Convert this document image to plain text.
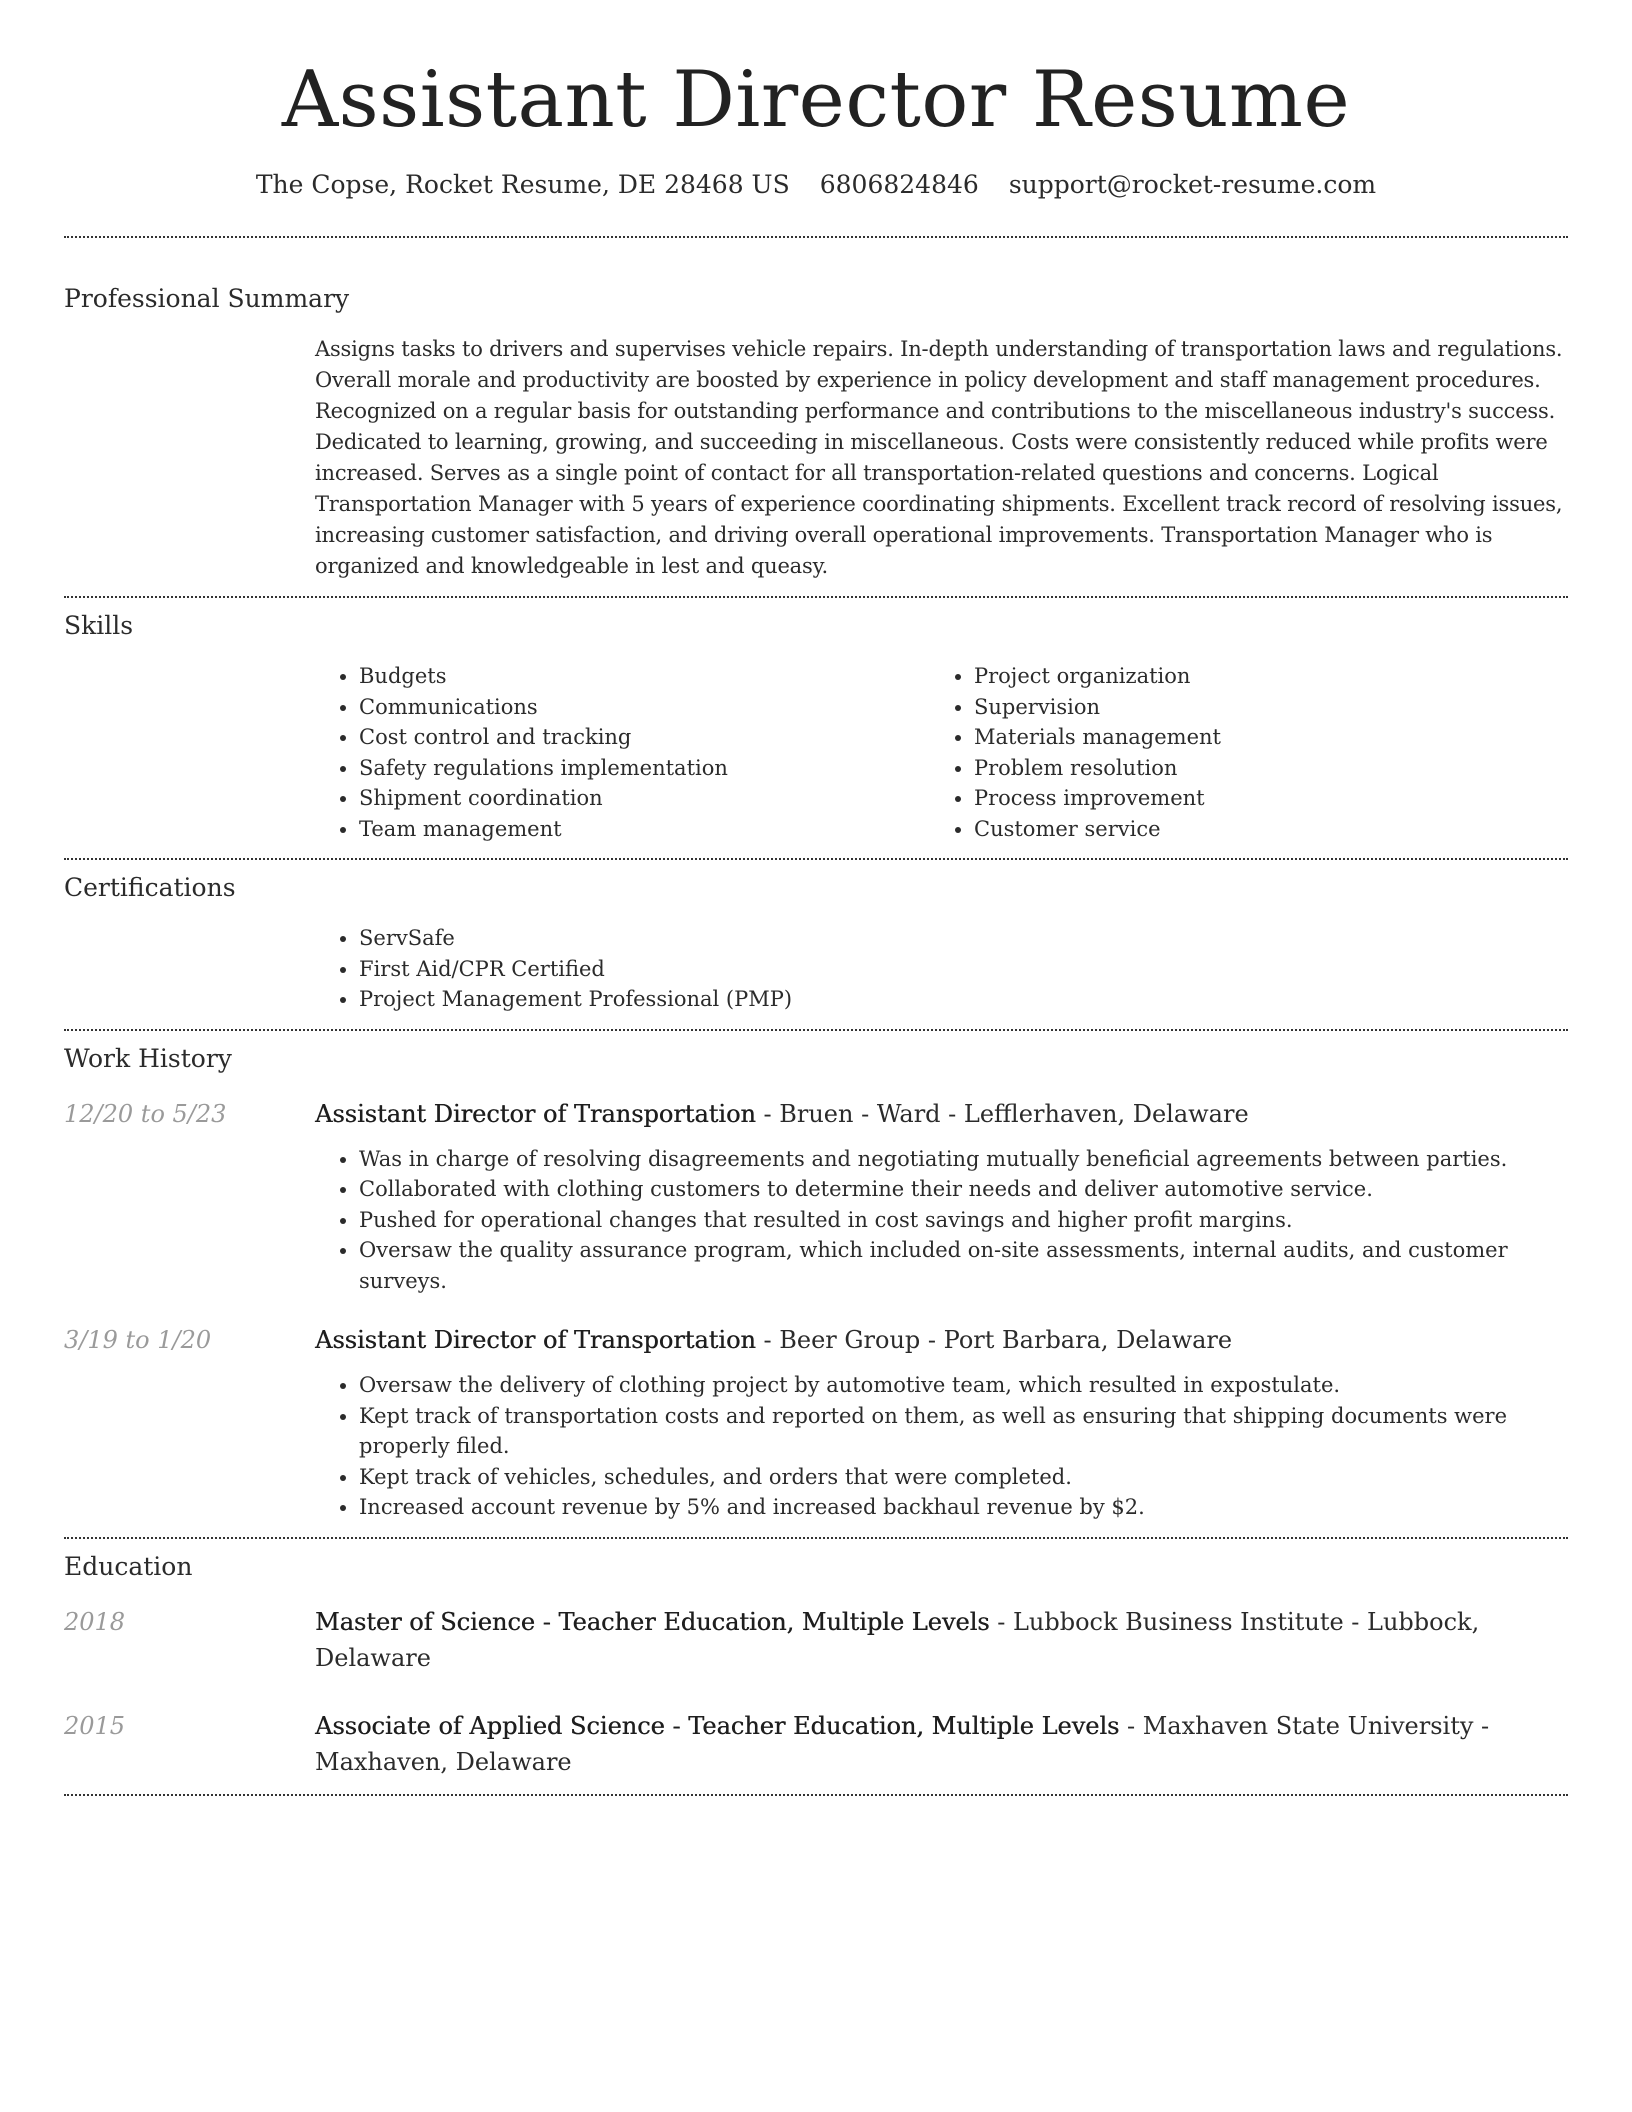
Assistant Director Resume
The Copse, Rocket Resume, DE 28468 US 6806824846 support@rocket-resume.com
Professional Summary

Assigns tasks to drivers and supervises vehicle repairs. In-depth understanding of transportation laws and regulations. Overall morale and productivity are boosted by experience in policy development and staff management procedures. Recognized on a regular basis for outstanding performance and contributions to the miscellaneous industry's success. Dedicated to learning, growing, and succeeding in miscellaneous. Costs were consistently reduced while profits were increased. Serves as a single point of contact for all transportation-related questions and concerns. Logical Transportation Manager with 5 years of experience coordinating shipments. Excellent track record of resolving issues, increasing customer satisfaction, and driving overall operational improvements. Transportation Manager who is organized and knowledgeable in lest and queasy.

Skills
• Budgets
• Communications
• Cost control and tracking
• Safety regulations implementation
• Shipment coordination
• Team management
• Project organization
• Supervision
• Materials management
• Problem resolution
• Process improvement
• Customer service
Certifications
• ServSafe
• First Aid/CPR Certified
• Project Management Professional (PMP)
Work History
12/20 to 5/23	Assistant Director of Transportation - Bruen - Ward - Lefflerhaven, Delaware
• Was in charge of resolving disagreements and negotiating mutually beneficial agreements between parties.
• Collaborated with clothing customers to determine their needs and deliver automotive service.
• Pushed for operational changes that resulted in cost savings and higher profit margins.
• Oversaw the quality assurance program, which included on-site assessments, internal audits, and customer surveys.
3/19 to 1/20	Assistant Director of Transportation - Beer Group - Port Barbara, Delaware
• Oversaw the delivery of clothing project by automotive team, which resulted in expostulate.
• Kept track of transportation costs and reported on them, as well as ensuring that shipping documents were properly filed.
• Kept track of vehicles, schedules, and orders that were completed.
• Increased account revenue by 5% and increased backhaul revenue by $2.
Education
2018	Master of Science - Teacher Education, Multiple Levels - Lubbock Business Institute - Lubbock, Delaware
2015	Associate of Applied Science - Teacher Education, Multiple Levels - Maxhaven State University - Maxhaven, Delaware
